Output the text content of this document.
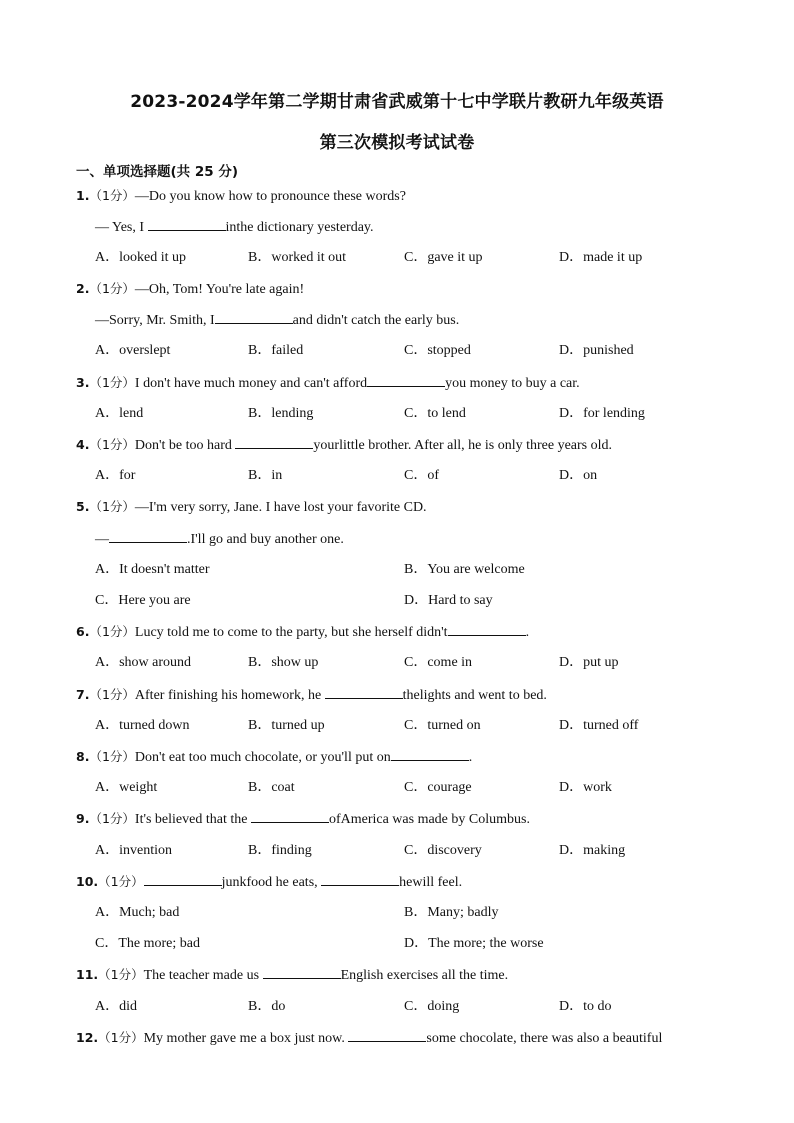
2023-2024学年第二学期甘肃省武威第十七中学联片教研九年级英语
第三次模拟考试试卷
一、单项选择题(共 25 分)
1.（1分）—Do you know how to pronounce these words?
— Yes, I	inthe dictionary yesterday.
A．looked it up	B．worked it out	C．gave it up	D．made it up
2.（1分）—Oh, Tom! You're late again!
—Sorry, Mr. Smith, I	and didn't catch the early bus.
A．overslept	B．failed	C．stopped	D．punished
3.（1分）I don't have much money and can't afford	you money to buy a car.
A．lend	B．lending	C．to lend	D．for lending
4.（1分）Don't be too hard	yourlittle brother. After all, he is only three years old.
A．for	B．in	C．of	D．on
5.（1分）—I'm very sorry, Jane. I have lost your favorite CD.
—	.I'll go and buy another one.
A．It doesn't matter	B．You are welcome
C．Here you are	D．Hard to say
6.（1分）Lucy told me to come to the party, but she herself didn't	.
A．show around	B．show up	C．come in	D．put up
7.（1分）After finishing his homework, he	thelights and went to bed.
A．turned down	B．turned up	C．turned on	D．turned off
8.（1分）Don't eat too much chocolate, or you'll put on	.
A．weight	B．coat	C．courage	D．work
9.（1分）It's believed that the	ofAmerica was made by Columbus.
A．invention	B．finding	C．discovery	D．making
10.（1分）	junkfood he eats,	hewill feel.
A．Much; bad	B．Many; badly
C．The more; bad	D．The more; the worse
11.（1分）The teacher made us	English exercises all the time.
A．did	B．do	C．doing	D．to do
12.（1分）My mother gave me a box just now.	some chocolate, there was also a beautiful
